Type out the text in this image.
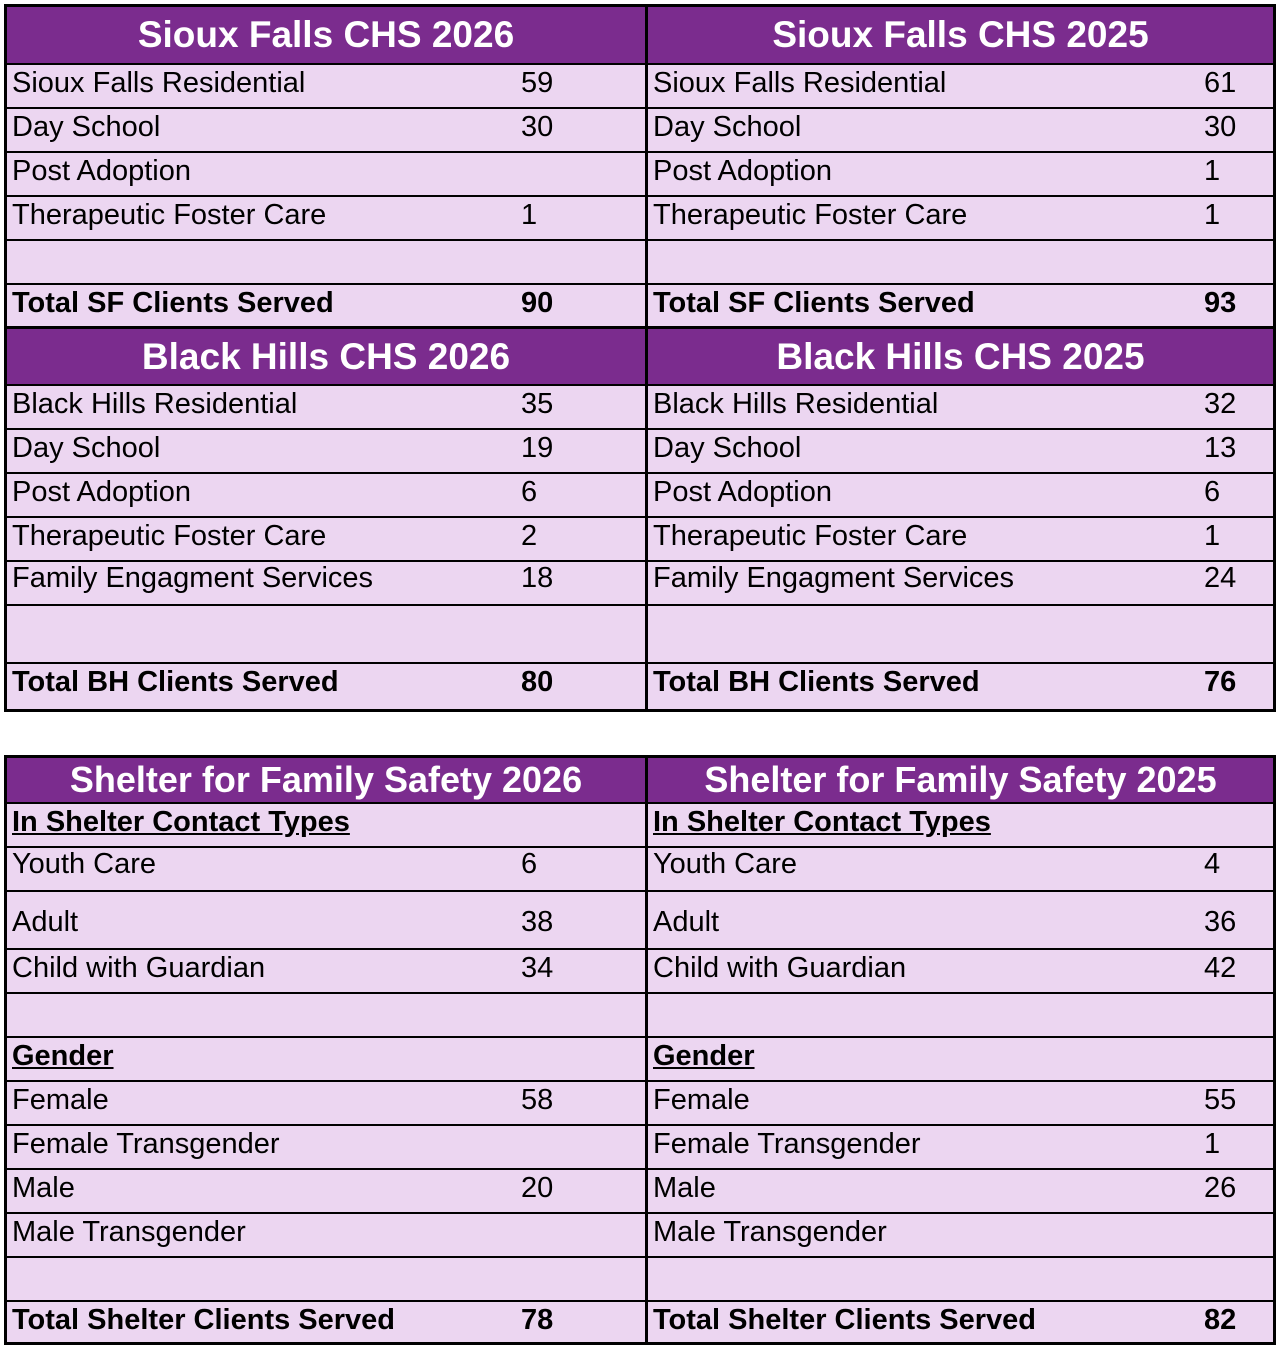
Sioux Falls CHS 2026
Sioux Falls Residential	59
Day School	30
Post Adoption
Therapeutic Foster Care	1
Total SF Clients Served	90
Black Hills CHS 2026
Black Hills Residential	35
Day School	19
Post Adoption	6
Therapeutic Foster Care	2
Family Engagment Services	18
Total BH Clients Served	80
Sioux Falls CHS 2025
Sioux Falls Residential	61
Day School	30
Post Adoption	1
Therapeutic Foster Care	1
Total SF Clients Served	93
Black Hills CHS 2025
Black Hills Residential	32
Day School	13
Post Adoption	6
Therapeutic Foster Care	1
Family Engagment Services	24
Total BH Clients Served	76
Shelter for Family Safety 2026
In Shelter Contact Types
Youth Care	6
Adult	38
Child with Guardian	34
Gender
Female	58
Female Transgender
Male	20
Male Transgender
Total Shelter Clients Served	78
Shelter for Family Safety 2025
In Shelter Contact Types
Youth Care	4
Adult	36
Child with Guardian	42
Gender
Female	55
Female Transgender	1
Male	26
Male Transgender
Total Shelter Clients Served	82
